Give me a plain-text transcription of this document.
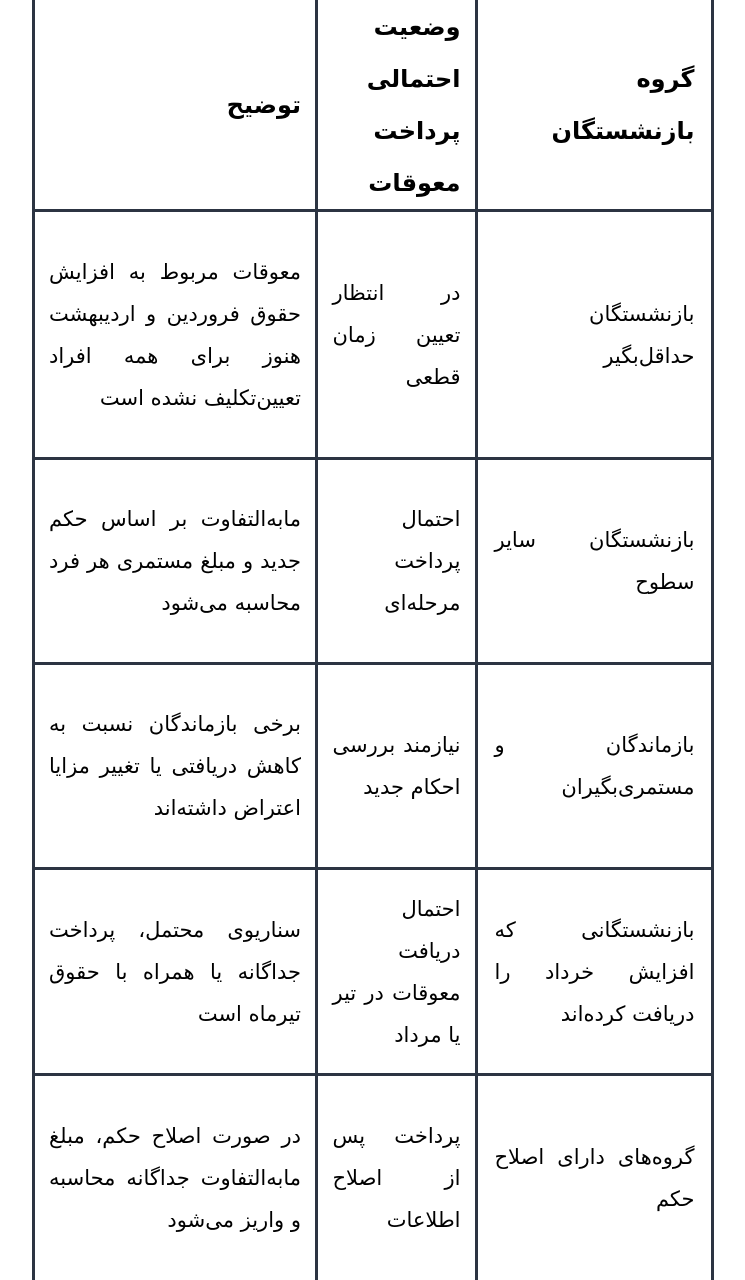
گروه بازنشستگان
وضعیت احتمالی پرداخت معوقات
توضیح
بازنشستگان حداقل‌بگیر
در انتظار تعیین زمان قطعی
معوقات مربوط به افزایش حقوق فروردین و اردیبهشت هنوز برای همه افراد تعیین‌تکلیف نشده است
بازنشستگان سایر سطوح
احتمال پرداخت مرحله‌ای
مابه‌التفاوت بر اساس حکم جدید و مبلغ مستمری هر فرد محاسبه می‌شود
بازماندگان و مستمری‌بگیران
نیازمند بررسی احکام جدید
برخی بازماندگان نسبت به کاهش دریافتی یا تغییر مزایا اعتراض داشته‌اند
بازنشستگانی که افزایش خرداد را دریافت کرده‌اند
احتمال دریافت معوقات در تیر یا مرداد
سناریوی محتمل، پرداخت جداگانه یا همراه با حقوق تیرماه است
گروه‌های دارای اصلاح حکم
پرداخت پس از اصلاح اطلاعات
در صورت اصلاح حکم، مبلغ مابه‌التفاوت جداگانه محاسبه و واریز می‌شود
